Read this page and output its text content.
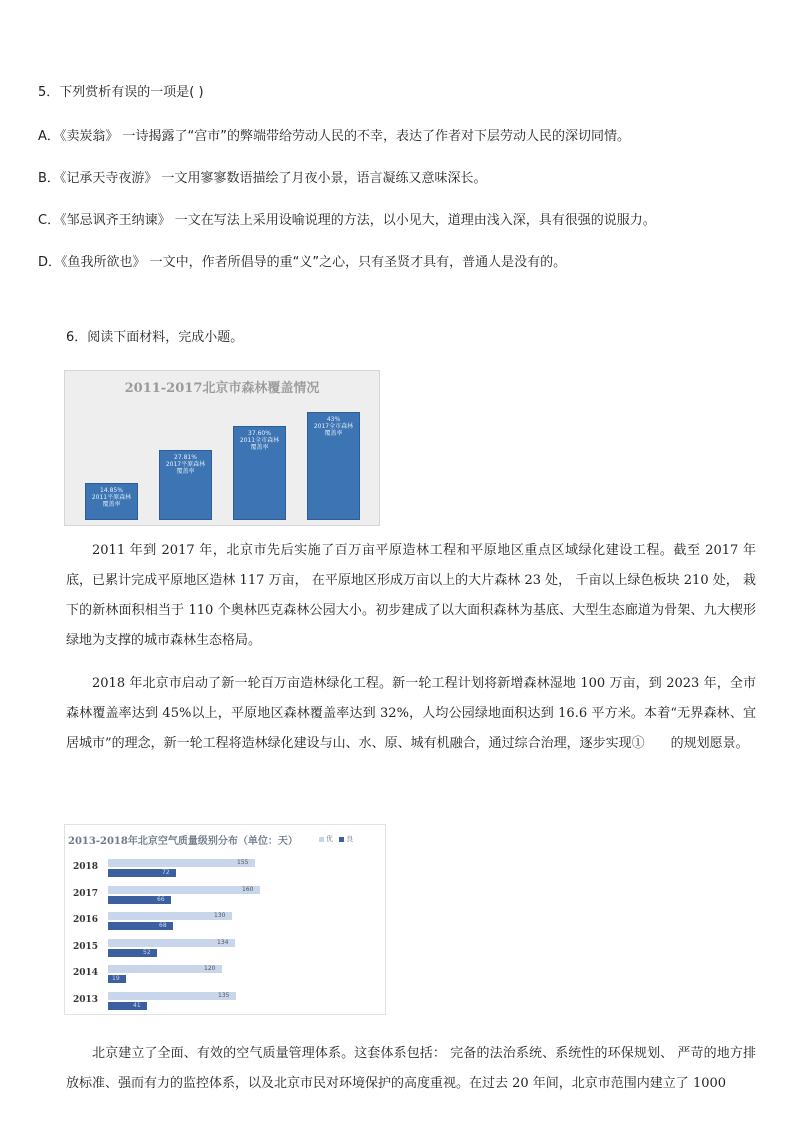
5．下列赏析有误的一项是( )
A．《卖炭翁》 一诗揭露了“宫市”的弊端带给劳动人民的不幸，表达了作者对下层劳动人民的深切同情。
B．《记承天寺夜游》 一文用寥寥数语描绘了月夜小景，语言凝练又意味深长。
C．《邹忌讽齐王纳谏》 一文在写法上采用设喻说理的方法，以小见大，道理由浅入深，具有很强的说服力。
D．《鱼我所欲也》 一文中，作者所倡导的重“义”之心，只有圣贤才具有，普通人是没有的。
6．阅读下面材料，完成小题。
2011-2017北京市森林覆盖情况
14.85%
2011平原森林
覆盖率
27.81%
2017平原森林
覆盖率
37.60%
2011全市森林
覆盖率
43%
2017全市森林
覆盖率
2011 年到 2017 年，北京市先后实施了百万亩平原造林工程和平原地区重点区域绿化建设工程。截至 2017 年底，已累计完成平原地区造林 117 万亩， 在平原地区形成万亩以上的大片森林 23 处， 千亩以上绿色板块 210 处， 栽下的新林面积相当于 110 个奥林匹克森林公园大小。初步建成了以大面积森林为基底、大型生态廊道为骨架、九大楔形绿地为支撑的城市森林生态格局。
2018 年北京市启动了新一轮百万亩造林绿化工程。新一轮工程计划将新增森林湿地 100 万亩，到 2023 年，全市森林覆盖率达到 45%以上，平原地区森林覆盖率达到 32%，人均公园绿地面积达到 16.6 平方米。本着“无界森林、宜居城市”的理念，新一轮工程将造林绿化建设与山、水、原、城有机融合，通过综合治理，逐步实现①　　的规划愿景。
2013-2018年北京空气质量级别分布（单位：天）	优 良
2018	155
72
2017	160
66
2016	130
68
2015	134
52
2014	120
19
2013	135
41
北京建立了全面、有效的空气质量管理体系。这套体系包括： 完备的法治系统、系统性的环保规划、 严苛的地方排放标准、强而有力的监控体系，以及北京市民对环境保护的高度重视。在过去 20 年间，北京市范围内建立了 1000
